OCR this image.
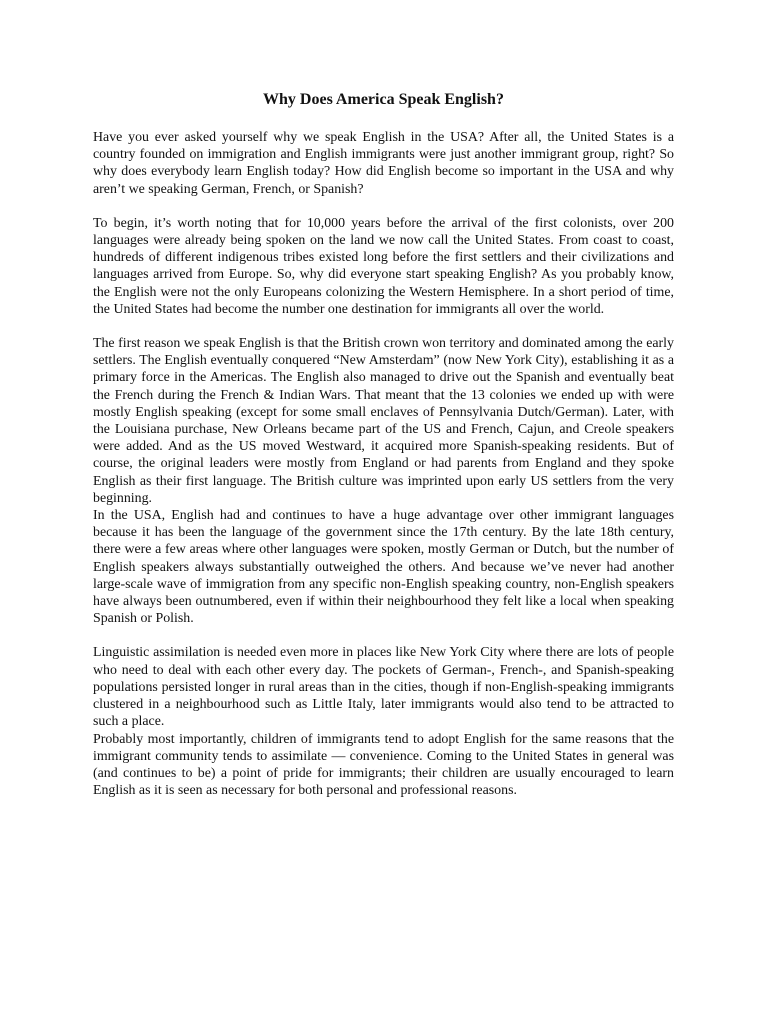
Why Does America Speak English?

Have you ever asked yourself why we speak English in the USA? After all, the United States is a country founded on immigration and English immigrants were just another immigrant group, right? So why does everybody learn English today? How did English become so important in the USA and why aren’t we speaking German, French, or Spanish?

To begin, it’s worth noting that for 10,000 years before the arrival of the first colonists, over 200 languages were already being spoken on the land we now call the United States. From coast to coast, hundreds of different indigenous tribes existed long before the first settlers and their civilizations and languages arrived from Europe. So, why did everyone start speaking English? As you probably know, the English were not the only Europeans colonizing the Western Hemisphere. In a short period of time, the United States had become the number one destination for immigrants all over the world.

The first reason we speak English is that the British crown won territory and dominated among the early settlers. The English eventually conquered “New Amsterdam” (now New York City), establishing it as a primary force in the Americas. The English also managed to drive out the Spanish and eventually beat the French during the French & Indian Wars. That meant that the 13 colonies we ended up with were mostly English speaking (except for some small enclaves of Pennsylvania Dutch/German). Later, with the Louisiana purchase, New Orleans became part of the US and French, Cajun, and Creole speakers were added. And as the US moved Westward, it acquired more Spanish-speaking residents. But of course, the original leaders were mostly from England or had parents from England and they spoke English as their first language. The British culture was imprinted upon early US settlers from the very beginning.

In the USA, English had and continues to have a huge advantage over other immigrant languages because it has been the language of the government since the 17th century. By the late 18th century, there were a few areas where other languages were spoken, mostly German or Dutch, but the number of English speakers always substantially outweighed the others. And because we’ve never had another large-scale wave of immigration from any specific non-English speaking country, non-English speakers have always been outnumbered, even if within their neighbourhood they felt like a local when speaking Spanish or Polish.

Linguistic assimilation is needed even more in places like New York City where there are lots of people who need to deal with each other every day. The pockets of German-, French-, and Spanish-speaking populations persisted longer in rural areas than in the cities, though if non-English-speaking immigrants clustered in a neighbourhood such as Little Italy, later immigrants would also tend to be attracted to such a place.

Probably most importantly, children of immigrants tend to adopt English for the same reasons that the immigrant community tends to assimilate — convenience. Coming to the United States in general was (and continues to be) a point of pride for immigrants; their children are usually encouraged to learn English as it is seen as necessary for both personal and professional reasons.
